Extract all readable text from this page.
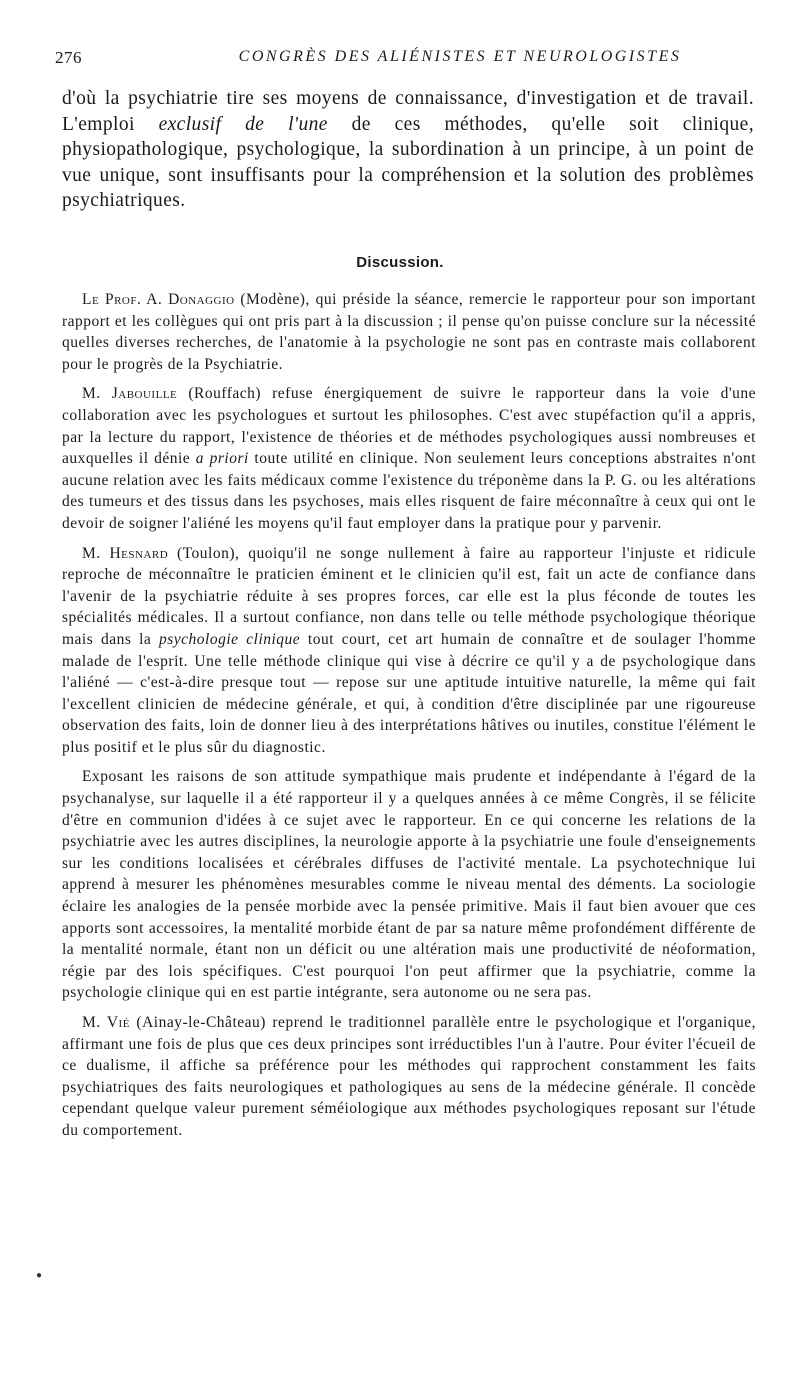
276	CONGRÈS DES ALIÉNISTES ET NEUROLOGISTES

d'où la psychiatrie tire ses moyens de connaissance, d'investigation et de travail. L'emploi exclusif de l'une de ces méthodes, qu'elle soit clinique, physiopathologique, psychologique, la subordination à un principe, à un point de vue unique, sont insuffisants pour la compréhension et la solution des problèmes psychiatriques.

Discussion.

Le Prof. A. Donaggio (Modène), qui préside la séance, remercie le rapporteur pour son important rapport et les collègues qui ont pris part à la discussion ; il pense qu'on puisse conclure sur la nécessité quelles diverses recherches, de l'anatomie à la psychologie ne sont pas en contraste mais collaborent pour le progrès de la Psychiatrie.

M. Jabouille (Rouffach) refuse énergiquement de suivre le rapporteur dans la voie d'une collaboration avec les psychologues et surtout les philosophes. C'est avec stupéfaction qu'il a appris, par la lecture du rapport, l'existence de théories et de méthodes psychologiques aussi nombreuses et auxquelles il dénie a priori toute utilité en clinique. Non seulement leurs conceptions abstraites n'ont aucune relation avec les faits médicaux comme l'existence du tréponème dans la P. G. ou les altérations des tumeurs et des tissus dans les psychoses, mais elles risquent de faire méconnaître à ceux qui ont le devoir de soigner l'aliéné les moyens qu'il faut employer dans la pratique pour y parvenir.

M. Hesnard (Toulon), quoiqu'il ne songe nullement à faire au rapporteur l'injuste et ridicule reproche de méconnaître le praticien éminent et le clinicien qu'il est, fait un acte de confiance dans l'avenir de la psychiatrie réduite à ses propres forces, car elle est la plus féconde de toutes les spécialités médicales. Il a surtout confiance, non dans telle ou telle méthode psychologique théorique mais dans la psychologie clinique tout court, cet art humain de connaître et de soulager l'homme malade de l'esprit. Une telle méthode clinique qui vise à décrire ce qu'il y a de psychologique dans l'aliéné — c'est-à-dire presque tout — repose sur une aptitude intuitive naturelle, la même qui fait l'excellent clinicien de médecine générale, et qui, à condition d'être disciplinée par une rigoureuse observation des faits, loin de donner lieu à des interprétations hâtives ou inutiles, constitue l'élément le plus positif et le plus sûr du diagnostic.

Exposant les raisons de son attitude sympathique mais prudente et indépendante à l'égard de la psychanalyse, sur laquelle il a été rapporteur il y a quelques années à ce même Congrès, il se félicite d'être en communion d'idées à ce sujet avec le rapporteur. En ce qui concerne les relations de la psychiatrie avec les autres disciplines, la neurologie apporte à la psychiatrie une foule d'enseignements sur les conditions localisées et cérébrales diffuses de l'activité mentale. La psychotechnique lui apprend à mesurer les phénomènes mesurables comme le niveau mental des déments. La sociologie éclaire les analogies de la pensée morbide avec la pensée primitive. Mais il faut bien avouer que ces apports sont accessoires, la mentalité morbide étant de par sa nature même profondément différente de la mentalité normale, étant non un déficit ou une altération mais une productivité de néoformation, régie par des lois spécifiques. C'est pourquoi l'on peut affirmer que la psychiatrie, comme la psychologie clinique qui en est partie intégrante, sera autonome ou ne sera pas.

M. Vié (Ainay-le-Château) reprend le traditionnel parallèle entre le psychologique et l'organique, affirmant une fois de plus que ces deux principes sont irréductibles l'un à l'autre. Pour éviter l'écueil de ce dualisme, il affiche sa préférence pour les méthodes qui rapprochent constamment les faits psychiatriques des faits neurologiques et pathologiques au sens de la médecine générale. Il concède cependant quelque valeur purement séméiologique aux méthodes psychologiques reposant sur l'étude du comportement.

●
